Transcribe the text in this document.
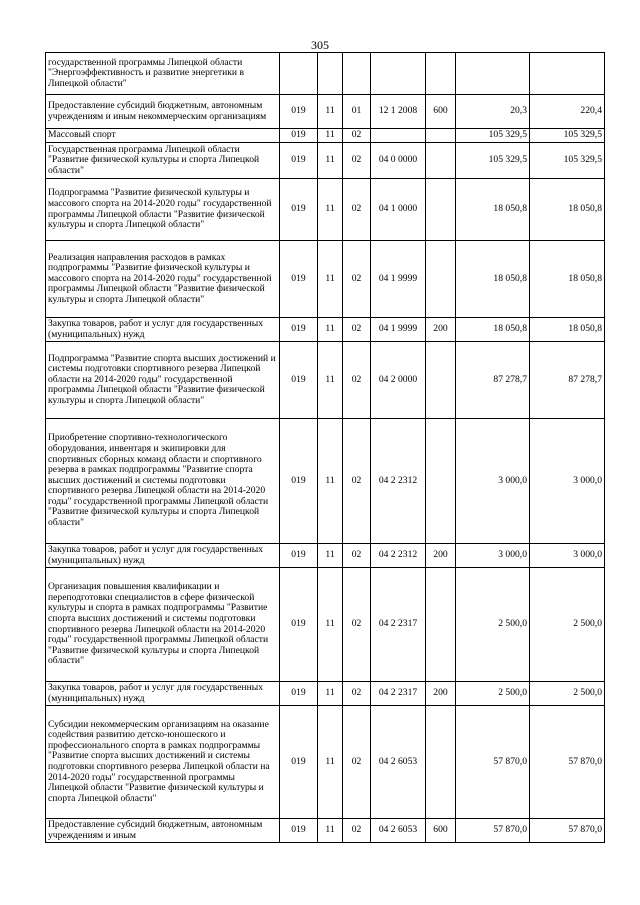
305
государственной программы Липецкой области "Энергоэффективность и развитие энергетики в Липецкой области"							
Предоставление субсидий бюджетным, автономным учреждениям и иным некоммерческим организациям	019	11	01	12 1 2008	600	20,3	220,4
Массовый спорт	019	11	02			105 329,5	105 329,5
Государственная программа Липецкой области "Развитие физической культуры и спорта Липецкой области"	019	11	02	04 0 0000		105 329,5	105 329,5
Подпрограмма "Развитие физической культуры и массового спорта на 2014-2020 годы" государственной программы Липецкой области "Развитие физической культуры и спорта Липецкой области"	019	11	02	04 1 0000		18 050,8	18 050,8
Реализация направления расходов в рамках подпрограммы "Развитие физической культуры и массового спорта на 2014-2020 годы" государственной программы Липецкой области "Развитие физической культуры и спорта Липецкой области"	019	11	02	04 1 9999		18 050,8	18 050,8
Закупка товаров, работ и услуг для государственных (муниципальных) нужд	019	11	02	04 1 9999	200	18 050,8	18 050,8
Подпрограмма "Развитие спорта высших достижений и системы подготовки спортивного резерва Липецкой области на 2014-2020 годы" государственной программы Липецкой области "Развитие физической культуры и спорта Липецкой области"	019	11	02	04 2 0000		87 278,7	87 278,7
Приобретение спортивно-технологического оборудования, инвентаря и экипировки для спортивных сборных команд области и спортивного резерва в рамках подпрограммы "Развитие спорта высших достижений и системы подготовки спортивного резерва Липецкой области на 2014-2020 годы" государственной программы Липецкой области "Развитие физической культуры и спорта Липецкой области"	019	11	02	04 2 2312		3 000,0	3 000,0
Закупка товаров, работ и услуг для государственных (муниципальных) нужд	019	11	02	04 2 2312	200	3 000,0	3 000,0
Организация повышения квалификации и переподготовки специалистов в сфере физической культуры и спорта в рамках подпрограммы "Развитие спорта высших достижений и системы подготовки спортивного резерва Липецкой области на 2014-2020 годы" государственной программы Липецкой области "Развитие физической культуры и спорта Липецкой области"	019	11	02	04 2 2317		2 500,0	2 500,0
Закупка товаров, работ и услуг для государственных (муниципальных) нужд	019	11	02	04 2 2317	200	2 500,0	2 500,0
Субсидии некоммерческим организациям на оказание содействия развитию детско-юношеского и профессионального спорта в рамках подпрограммы "Развитие спорта высших достижений и системы подготовки спортивного резерва Липецкой области на 2014-2020 годы" государственной программы Липецкой области "Развитие физической культуры и спорта Липецкой области"	019	11	02	04 2 6053		57 870,0	57 870,0
Предоставление субсидий бюджетным, автономным учреждениям и иным	019	11	02	04 2 6053	600	57 870,0	57 870,0
